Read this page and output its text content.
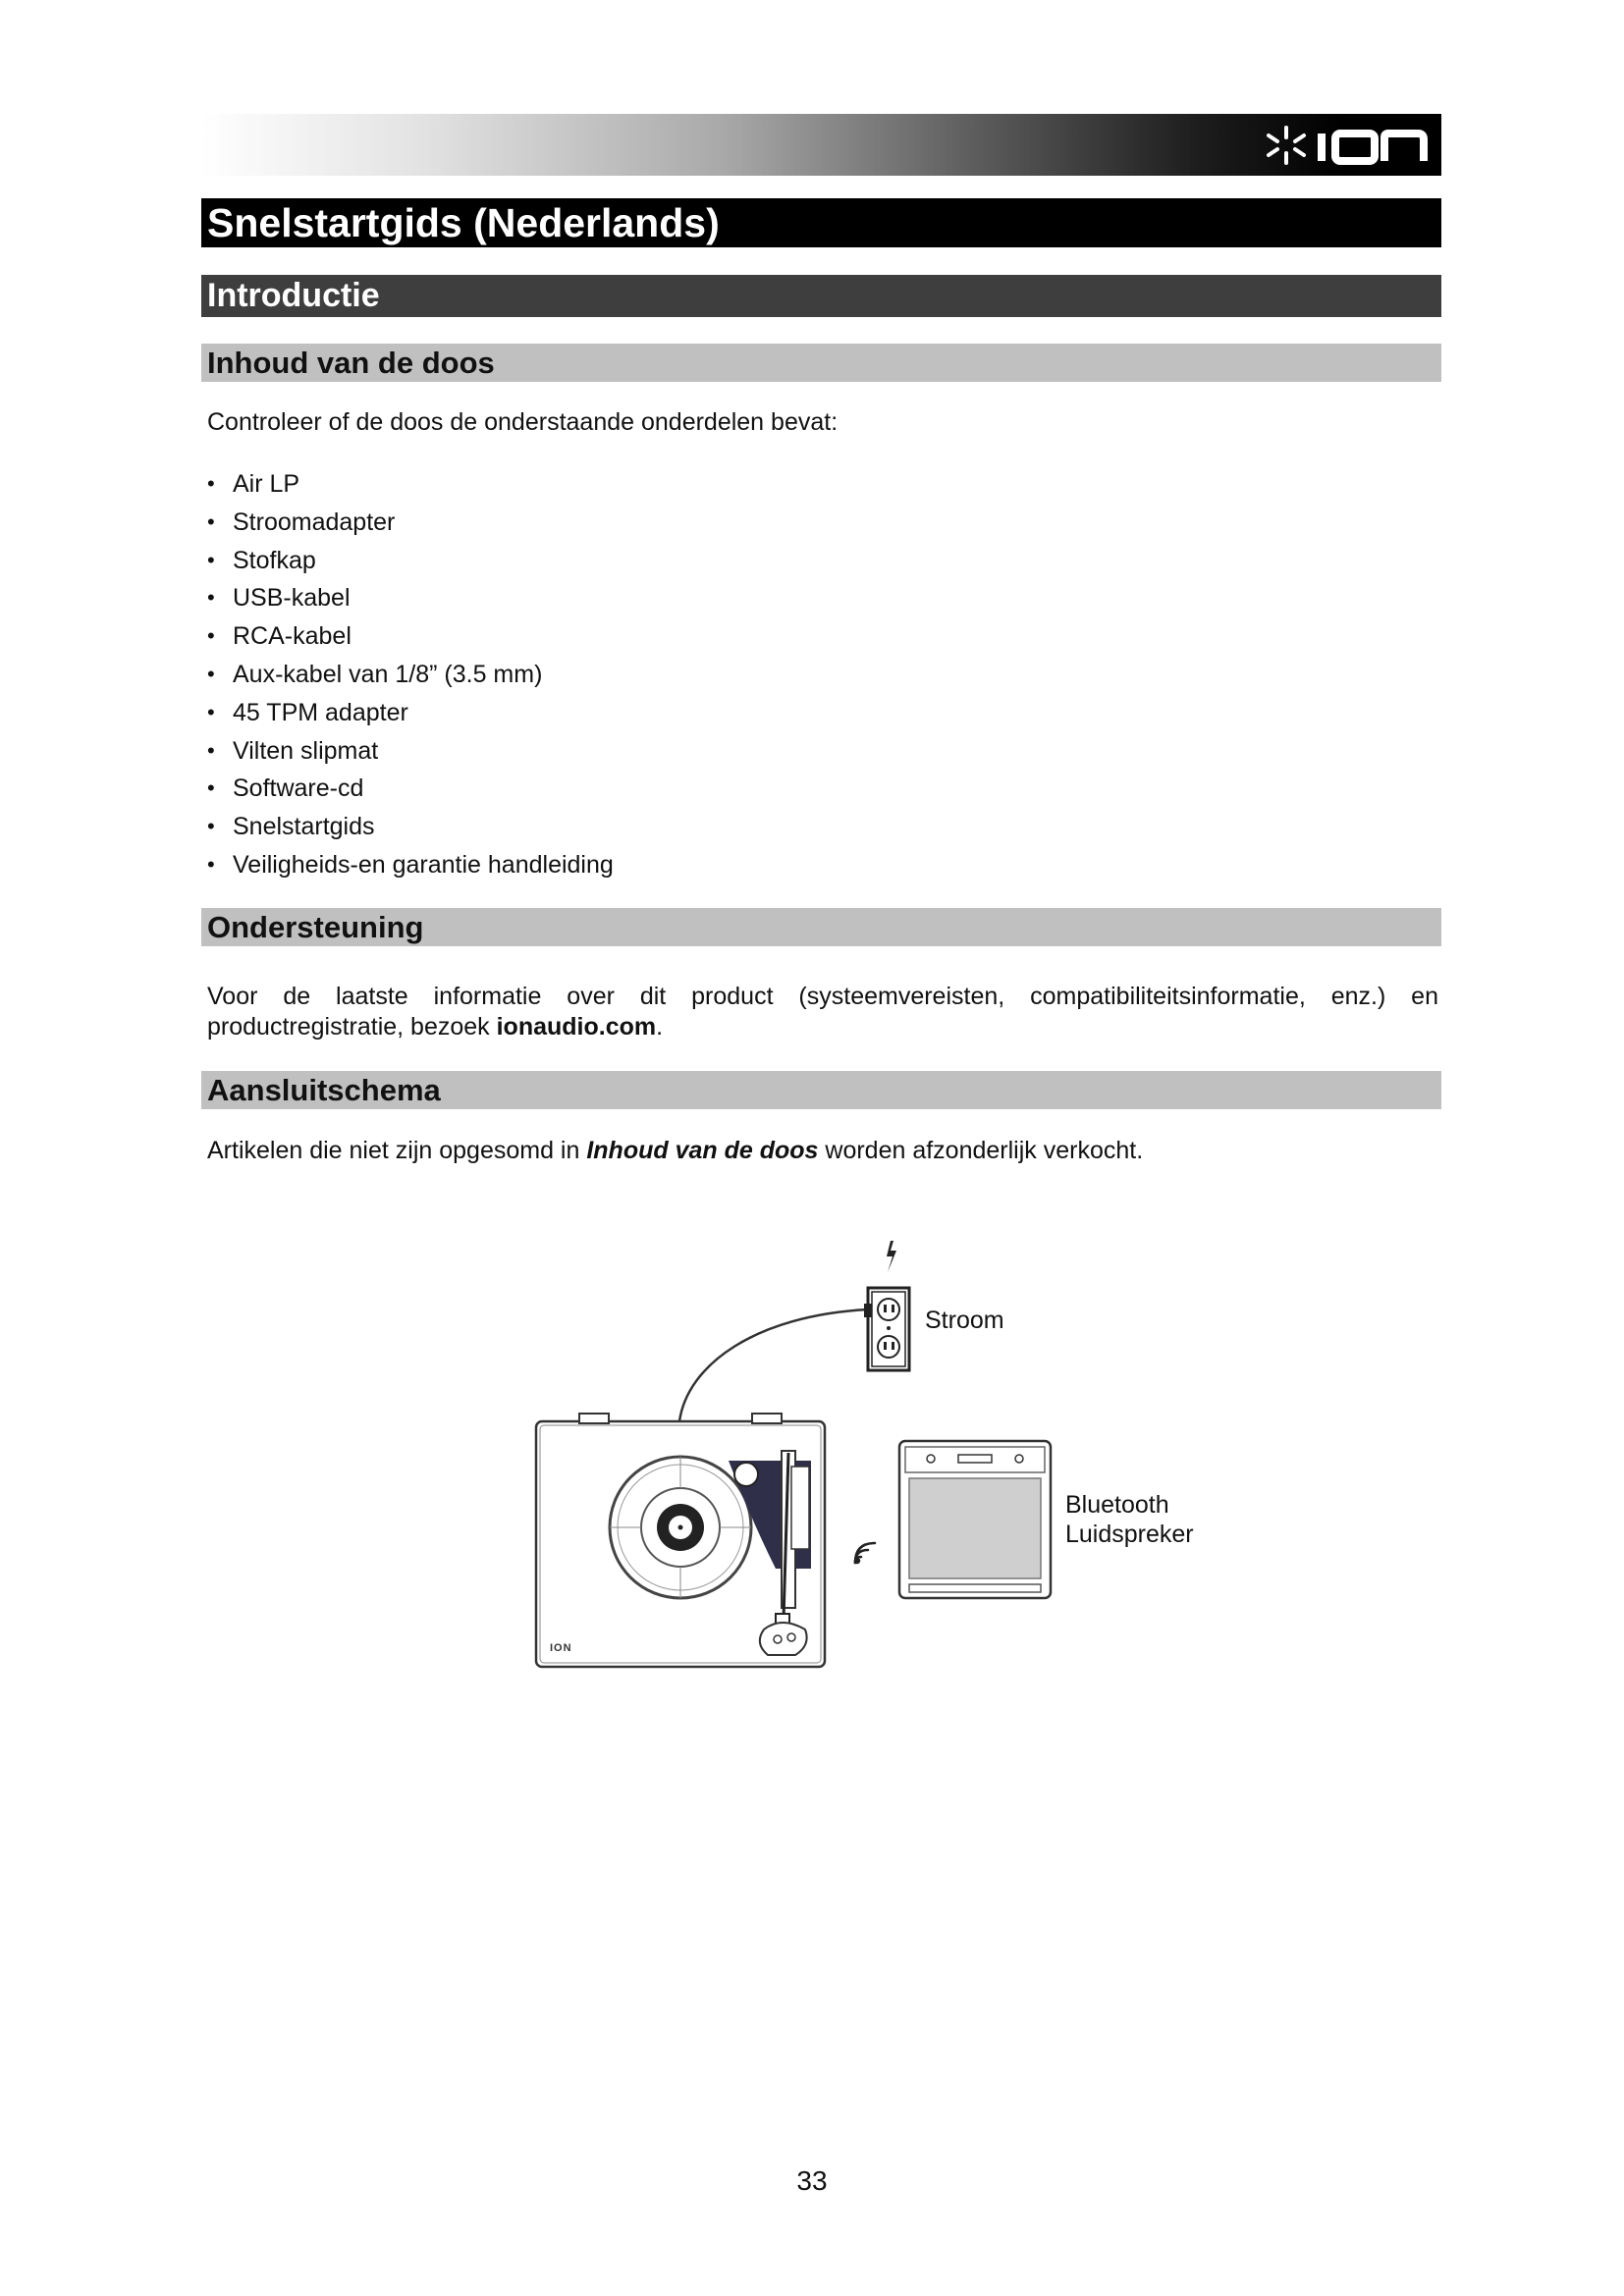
ION
Snelstartgids (Nederlands)
Introductie
Inhoud van de doos
Controleer of de doos de onderstaande onderdelen bevat:
• Air LP
• Stroomadapter
• Stofkap
• USB-kabel
• RCA-kabel
• Aux-kabel van 1/8” (3.5 mm)
• 45 TPM adapter
• Vilten slipmat
• Software-cd
• Snelstartgids
• Veiligheids-en garantie handleiding
Ondersteuning
Voor de laatste informatie over dit product (systeemvereisten, compatibiliteitsinformatie, enz.) en productregistratie, bezoek ionaudio.com.
Aansluitschema
Artikelen die niet zijn opgesomd in Inhoud van de doos worden afzonderlijk verkocht.
ION
Stroom
Bluetooth
Luidspreker
33
